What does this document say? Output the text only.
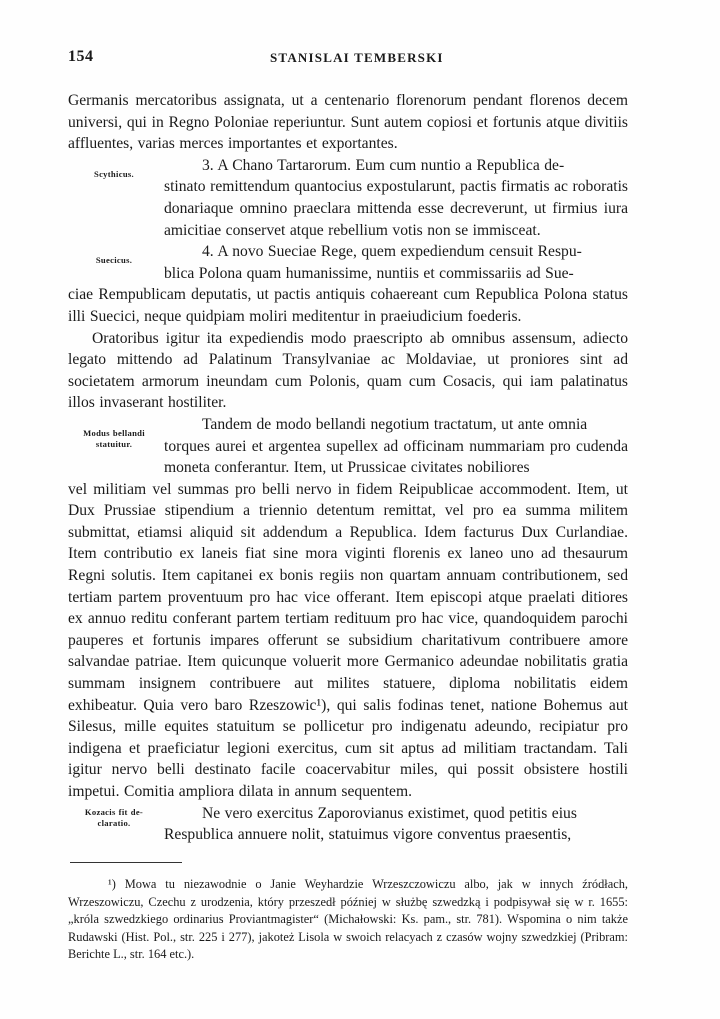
154	STANISLAI TEMBERSKI

Germanis mercatoribus assignata, ut a centenario florenorum pendant florenos decem universi, qui in Regno Poloniae reperiuntur. Sunt autem copiosi et fortunis atque divitiis affluentes, varias merces importantes et exportantes.

Scythicus.	3. A Chano Tartarorum. Eum cum nuntio a Republica de-

stinato remittendum quantocius expostularunt, pactis firmatis ac roboratis donariaque omnino praeclara mittenda esse decreverunt, ut firmius iura amicitiae conservet atque rebellium votis non se immisceat.

Suecicus.	4. A novo Sueciae Rege, quem expediendum censuit Respu-

blica Polona quam humanissime, nuntiis et commissariis ad Sue-

ciae Rempublicam deputatis, ut pactis antiquis cohaereant cum Republica Polona status illi Suecici, neque quidpiam moliri meditentur in praeiudicium foederis.

Oratoribus igitur ita expediendis modo praescripto ab omnibus assensum, adiecto legato mittendo ad Palatinum Transylvaniae ac Moldaviae, ut proniores sint ad societatem armorum ineundam cum Polonis, quam cum Cosacis, qui iam palatinatus illos invaserant hostiliter.

Modus bellandi
statuitur.

Tandem de modo bellandi negotium tractatum, ut ante omnia

torques aurei et argentea supellex ad officinam nummariam pro cudenda moneta conferantur. Item, ut Prussicae civitates nobiliores

vel militiam vel summas pro belli nervo in fidem Reipublicae accommodent. Item, ut Dux Prussiae stipendium a triennio detentum remittat, vel pro ea summa militem submittat, etiamsi aliquid sit addendum a Republica. Idem facturus Dux Curlandiae. Item contributio ex laneis fiat sine mora viginti florenis ex laneo uno ad thesaurum Regni solutis. Item capitanei ex bonis regiis non quartam annuam contributionem, sed tertiam partem proventuum pro hac vice offerant. Item episcopi atque praelati ditiores ex annuo reditu conferant partem tertiam redituum pro hac vice, quandoquidem parochi pauperes et fortunis impares offerunt se subsidium charitativum contribuere amore salvandae patriae. Item quicunque voluerit more Germanico adeundae nobilitatis gratia summam insignem contribuere aut milites statuere, diploma nobilitatis eidem exhibeatur. Quia vero baro Rzeszowic¹), qui salis fodinas tenet, natione Bohemus aut Silesus, mille equites statuitum se pollicetur pro indigenatu adeundo, recipiatur pro indigena et praeficiatur legioni exercitus, cum sit aptus ad militiam tractandam. Tali igitur nervo belli destinato facile coacervabitur miles, qui possit obsistere hostili impetui. Comitia ampliora dilata in annum sequentem.

Kozacis fit de-
claratio.

Ne vero exercitus Zaporovianus existimet, quod petitis eius

Respublica annuere nolit, statuimus vigore conventus praesentis,

¹) Mowa tu niezawodnie o Janie Weyhardzie Wrzeszczowiczu albo, jak w innych źródłach, Wrzeszowiczu, Czechu z urodzenia, który przeszedł później w służbę szwedzką i podpisywał się w r. 1655: „króla szwedzkiego ordinarius Proviantmagister“ (Michałowski: Ks. pam., str. 781). Wspomina o nim także Rudawski (Hist. Pol., str. 225 i 277), jakoteż Lisola w swoich relacyach z czasów wojny szwedzkiej (Pribram: Berichte L., str. 164 etc.).
